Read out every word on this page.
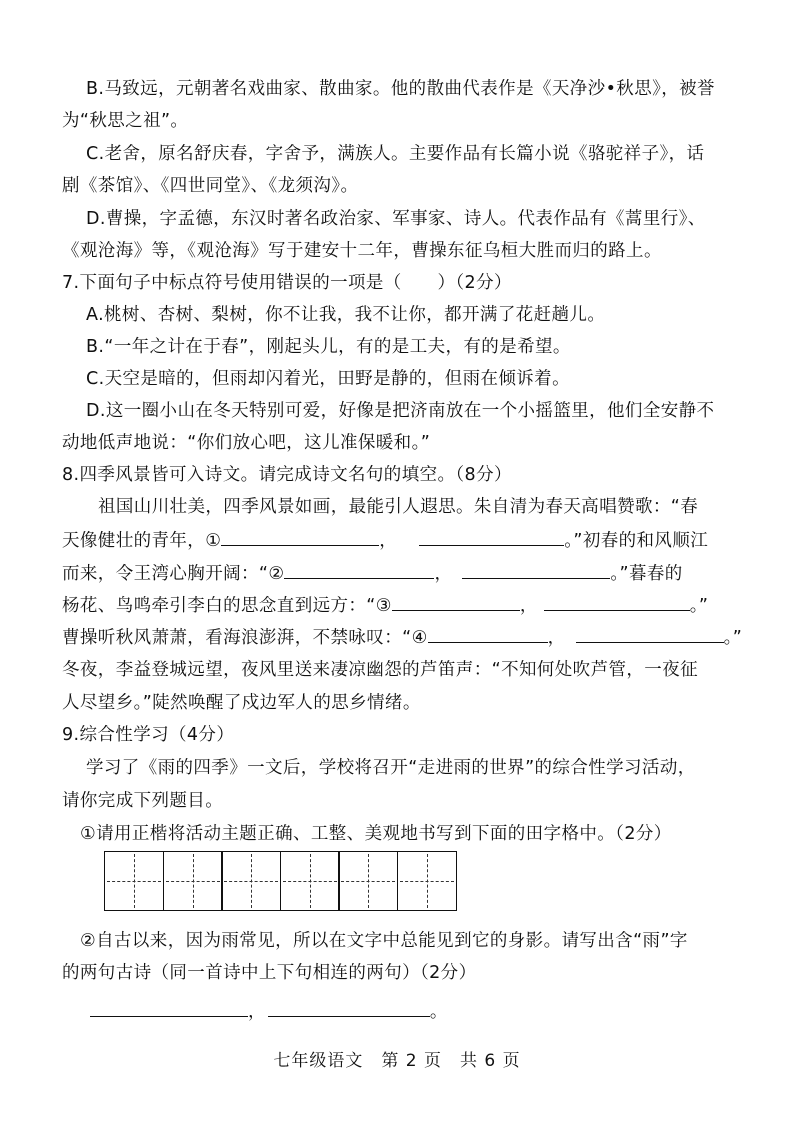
B.马致远，元朝著名戏曲家、散曲家。他的散曲代表作是《天净沙•秋思》，被誉
为“秋思之祖”。
C.老舍，原名舒庆春，字舍予，满族人。主要作品有长篇小说《骆驼祥子》，话
剧《茶馆》、《四世同堂》、《龙须沟》。
D.曹操，字孟德，东汉时著名政治家、军事家、诗人。代表作品有《蒿里行》、
《观沧海》等，《观沧海》写于建安十二年，曹操东征乌桓大胜而归的路上。
7.下面句子中标点符号使用错误的一项是（　　）（2分）
A.桃树、杏树、梨树，你不让我，我不让你，都开满了花赶趟儿。
B.“一年之计在于春”，刚起头儿，有的是工夫，有的是希望。
C.天空是暗的，但雨却闪着光，田野是静的，但雨在倾诉着。
D.这一圈小山在冬天特别可爱，好像是把济南放在一个小摇篮里，他们全安静不
动地低声地说：“你们放心吧，这儿准保暖和。”
8.四季风景皆可入诗文。请完成诗文名句的填空。（8分）
祖国山川壮美，四季风景如画，最能引人遐思。朱自清为春天高唱赞歌：“春
天像健壮的青年，①	，	。”初春的和风顺江
而来，令王湾心胸开阔：“②	，	。”暮春的
杨花、鸟鸣牵引李白的思念直到远方：“③	，	。”
曹操听秋风萧萧，看海浪澎湃，不禁咏叹：“④	，	。”
冬夜，李益登城远望，夜风里送来凄凉幽怨的芦笛声：“不知何处吹芦管，一夜征
人尽望乡。”陡然唤醒了戍边军人的思乡情绪。
9.综合性学习（4分）
学习了《雨的四季》一文后，学校将召开“走进雨的世界”的综合性学习活动，
请你完成下列题目。
①请用正楷将活动主题正确、工整、美观地书写到下面的田字格中。（2分）
②自古以来，因为雨常见，所以在文字中总能见到它的身影。请写出含“雨”字
的两句古诗（同一首诗中上下句相连的两句）（2分）
，	。
七年级语文　第 2 页　共 6 页
